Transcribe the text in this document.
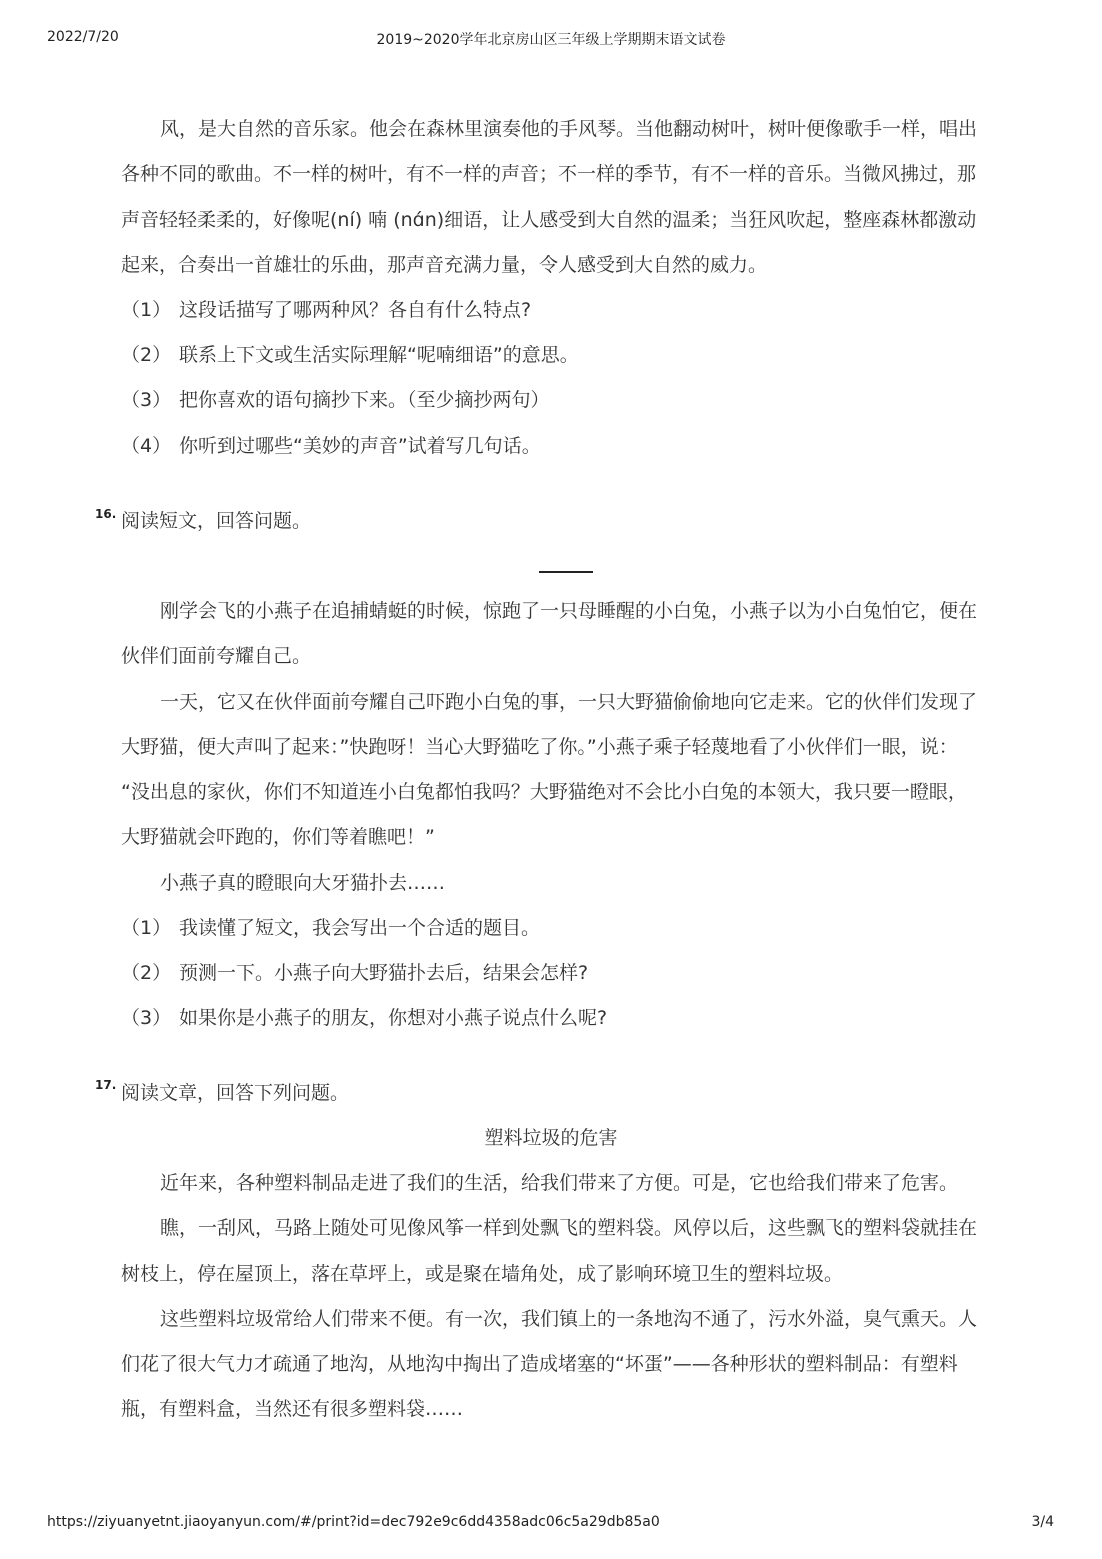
2022/7/20	2019~2020学年北京房山区三年级上学期期末语文试卷
风，是大自然的音乐家。他会在森林里演奏他的手风琴。当他翻动树叶，树叶便像歌手一样，唱出
各种不同的歌曲。不一样的树叶，有不一样的声音；不一样的季节，有不一样的音乐。当微风拂过，那
声音轻轻柔柔的，好像呢(ní) 喃 (nɑ́n)细语，让人感受到大自然的温柔；当狂风吹起，整座森林都激动
起来，合奏出一首雄壮的乐曲，那声音充满力量，令人感受到大自然的威力。
（1） 这段话描写了哪两种风？各自有什么特点?
（2） 联系上下文或生活实际理解“呢喃细语”的意思。
（3） 把你喜欢的语句摘抄下来。（至少摘抄两句）
（4） 你听到过哪些“美妙的声音”试着写几句话。
16. 阅读短文，回答问题。
刚学会飞的小燕子在追捕蜻蜓的时候，惊跑了一只母睡醒的小白兔，小燕子以为小白兔怕它，便在
伙伴们面前夸耀自己。
一天，它又在伙伴面前夸耀自己吓跑小白兔的事，一只大野猫偷偷地向它走来。它的伙伴们发现了
大野猫，便大声叫了起来：”快跑呀！当心大野猫吃了你。”小燕子乘子轻蔑地看了小伙伴们一眼，说：
“没出息的家伙，你们不知道连小白兔都怕我吗？大野猫绝对不会比小白兔的本领大，我只要一瞪眼，
大野猫就会吓跑的，你们等着瞧吧！”
小燕子真的瞪眼向大牙猫扑去……
（1） 我读懂了短文，我会写出一个合适的题目。
（2） 预测一下。小燕子向大野猫扑去后，结果会怎样?
（3） 如果你是小燕子的朋友，你想对小燕子说点什么呢?
17. 阅读文章，回答下列问题。
塑料垃圾的危害
近年来，各种塑料制品走进了我们的生活，给我们带来了方便。可是，它也给我们带来了危害。
瞧，一刮风，马路上随处可见像风筝一样到处飘飞的塑料袋。风停以后，这些飘飞的塑料袋就挂在
树枝上，停在屋顶上，落在草坪上，或是聚在墙角处，成了影响环境卫生的塑料垃圾。
这些塑料垃圾常给人们带来不便。有一次，我们镇上的一条地沟不通了，污水外溢，臭气熏天。人
们花了很大气力才疏通了地沟，从地沟中掏出了造成堵塞的“坏蛋”——各种形状的塑料制品：有塑料
瓶，有塑料盒，当然还有很多塑料袋……
https://ziyuanyetnt.jiaoyanyun.com/#/print?id=dec792e9c6dd4358adc06c5a29db85a0	3/4
